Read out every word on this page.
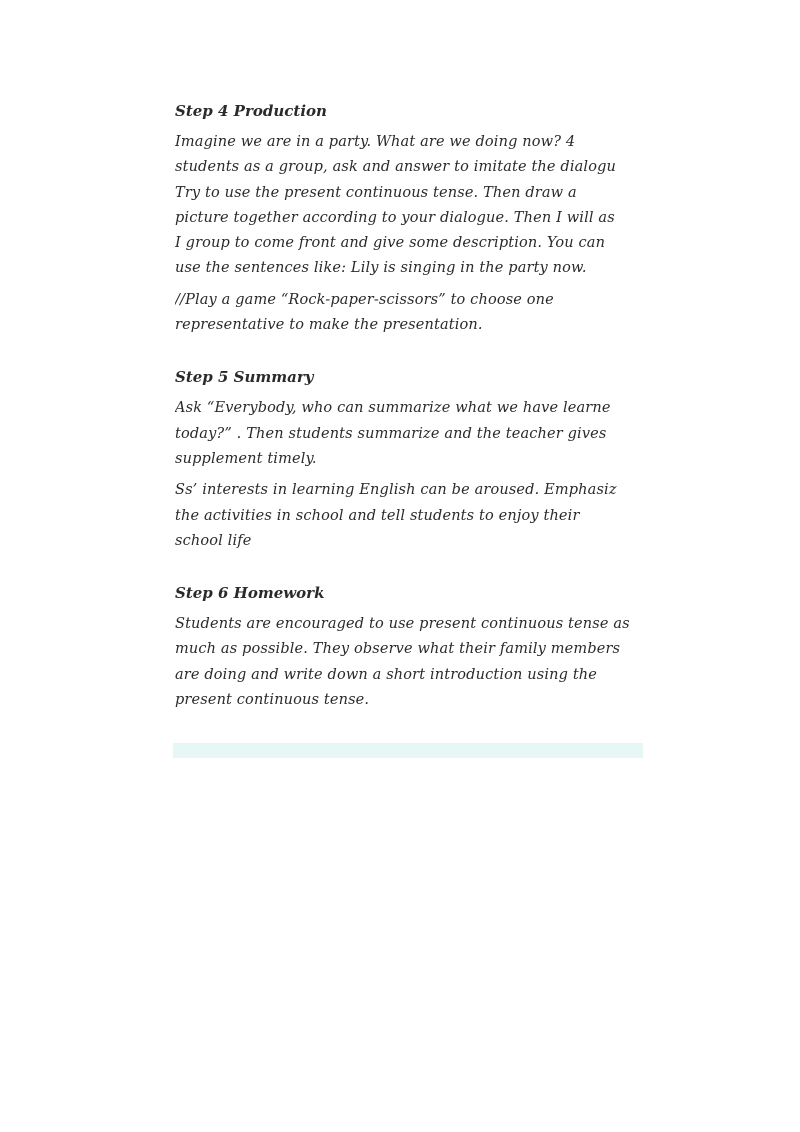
Step 4 Production
Imagine we are in a party. What are we doing now? 4
students as a group, ask and answer to imitate the dialogu
Try to use the present continuous tense. Then draw a
picture together according to your dialogue. Then I will as
I group to come front and give some description. You can
use the sentences like: Lily is singing in the party now.
//Play a game “Rock-paper-scissors” to choose one
representative to make the presentation.
Step 5 Summary
Ask “Everybody, who can summarize what we have learne
today?” . Then students summarize and the teacher gives
supplement timely.
Ss’ interests in learning English can be aroused. Emphasiz
the activities in school and tell students to enjoy their
school life
Step 6 Homework
Students are encouraged to use present continuous tense as
much as possible. They observe what their family members
are doing and write down a short introduction using the
present continuous tense.
